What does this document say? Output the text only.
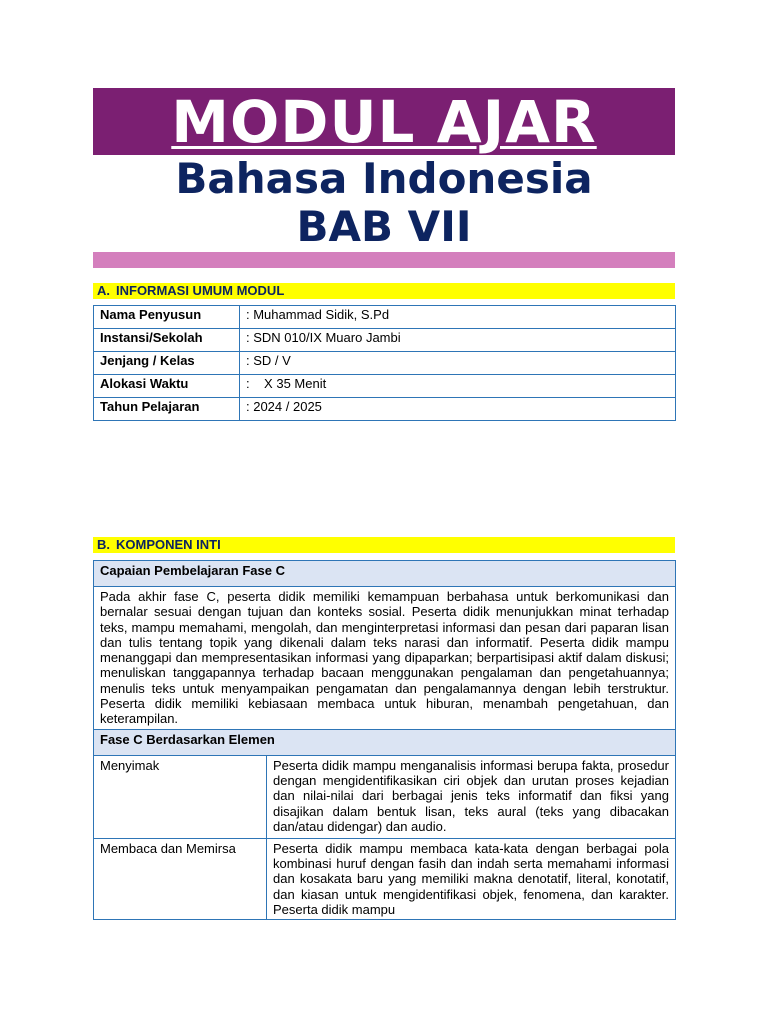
MODUL AJAR
Bahasa Indonesia
BAB VII
A. INFORMASI UMUM MODUL
Nama Penyusun	: Muhammad Sidik, S.Pd
Instansi/Sekolah	: SDN 010/IX Muaro Jambi
Jenjang / Kelas	: SD / V
Alokasi Waktu	:    X 35 Menit
Tahun Pelajaran	: 2024 / 2025
B. KOMPONEN INTI
Capaian Pembelajaran Fase C	
Pada akhir fase C, peserta didik memiliki kemampuan berbahasa untuk berkomunikasi dan bernalar sesuai dengan tujuan dan konteks sosial. Peserta didik menunjukkan minat terhadap teks, mampu memahami, mengolah, dan menginterpretasi informasi dan pesan dari paparan lisan dan tulis tentang topik yang dikenali dalam teks narasi dan informatif. Peserta didik mampu menanggapi dan mempresentasikan informasi yang dipaparkan; berpartisipasi aktif dalam diskusi; menuliskan tanggapannya terhadap bacaan menggunakan pengalaman dan pengetahuannya; menulis teks untuk menyampaikan pengamatan dan pengalamannya dengan lebih terstruktur. Peserta didik memiliki kebiasaan membaca untuk hiburan, menambah pengetahuan, dan keterampilan.	
Fase C Berdasarkan Elemen	
Menyimak	Peserta didik mampu menganalisis informasi berupa fakta, prosedur dengan mengidentifikasikan ciri objek dan urutan proses kejadian dan nilai-nilai dari berbagai jenis teks informatif dan fiksi yang disajikan dalam bentuk lisan, teks aural (teks yang dibacakan dan/atau didengar) dan audio.
Membaca dan Memirsa	Peserta didik mampu membaca kata-kata dengan berbagai pola kombinasi huruf dengan fasih dan indah serta memahami informasi dan kosakata baru yang memiliki makna denotatif, literal, konotatif, dan kiasan untuk mengidentifikasi objek, fenomena, dan karakter. Peserta didik mampu
